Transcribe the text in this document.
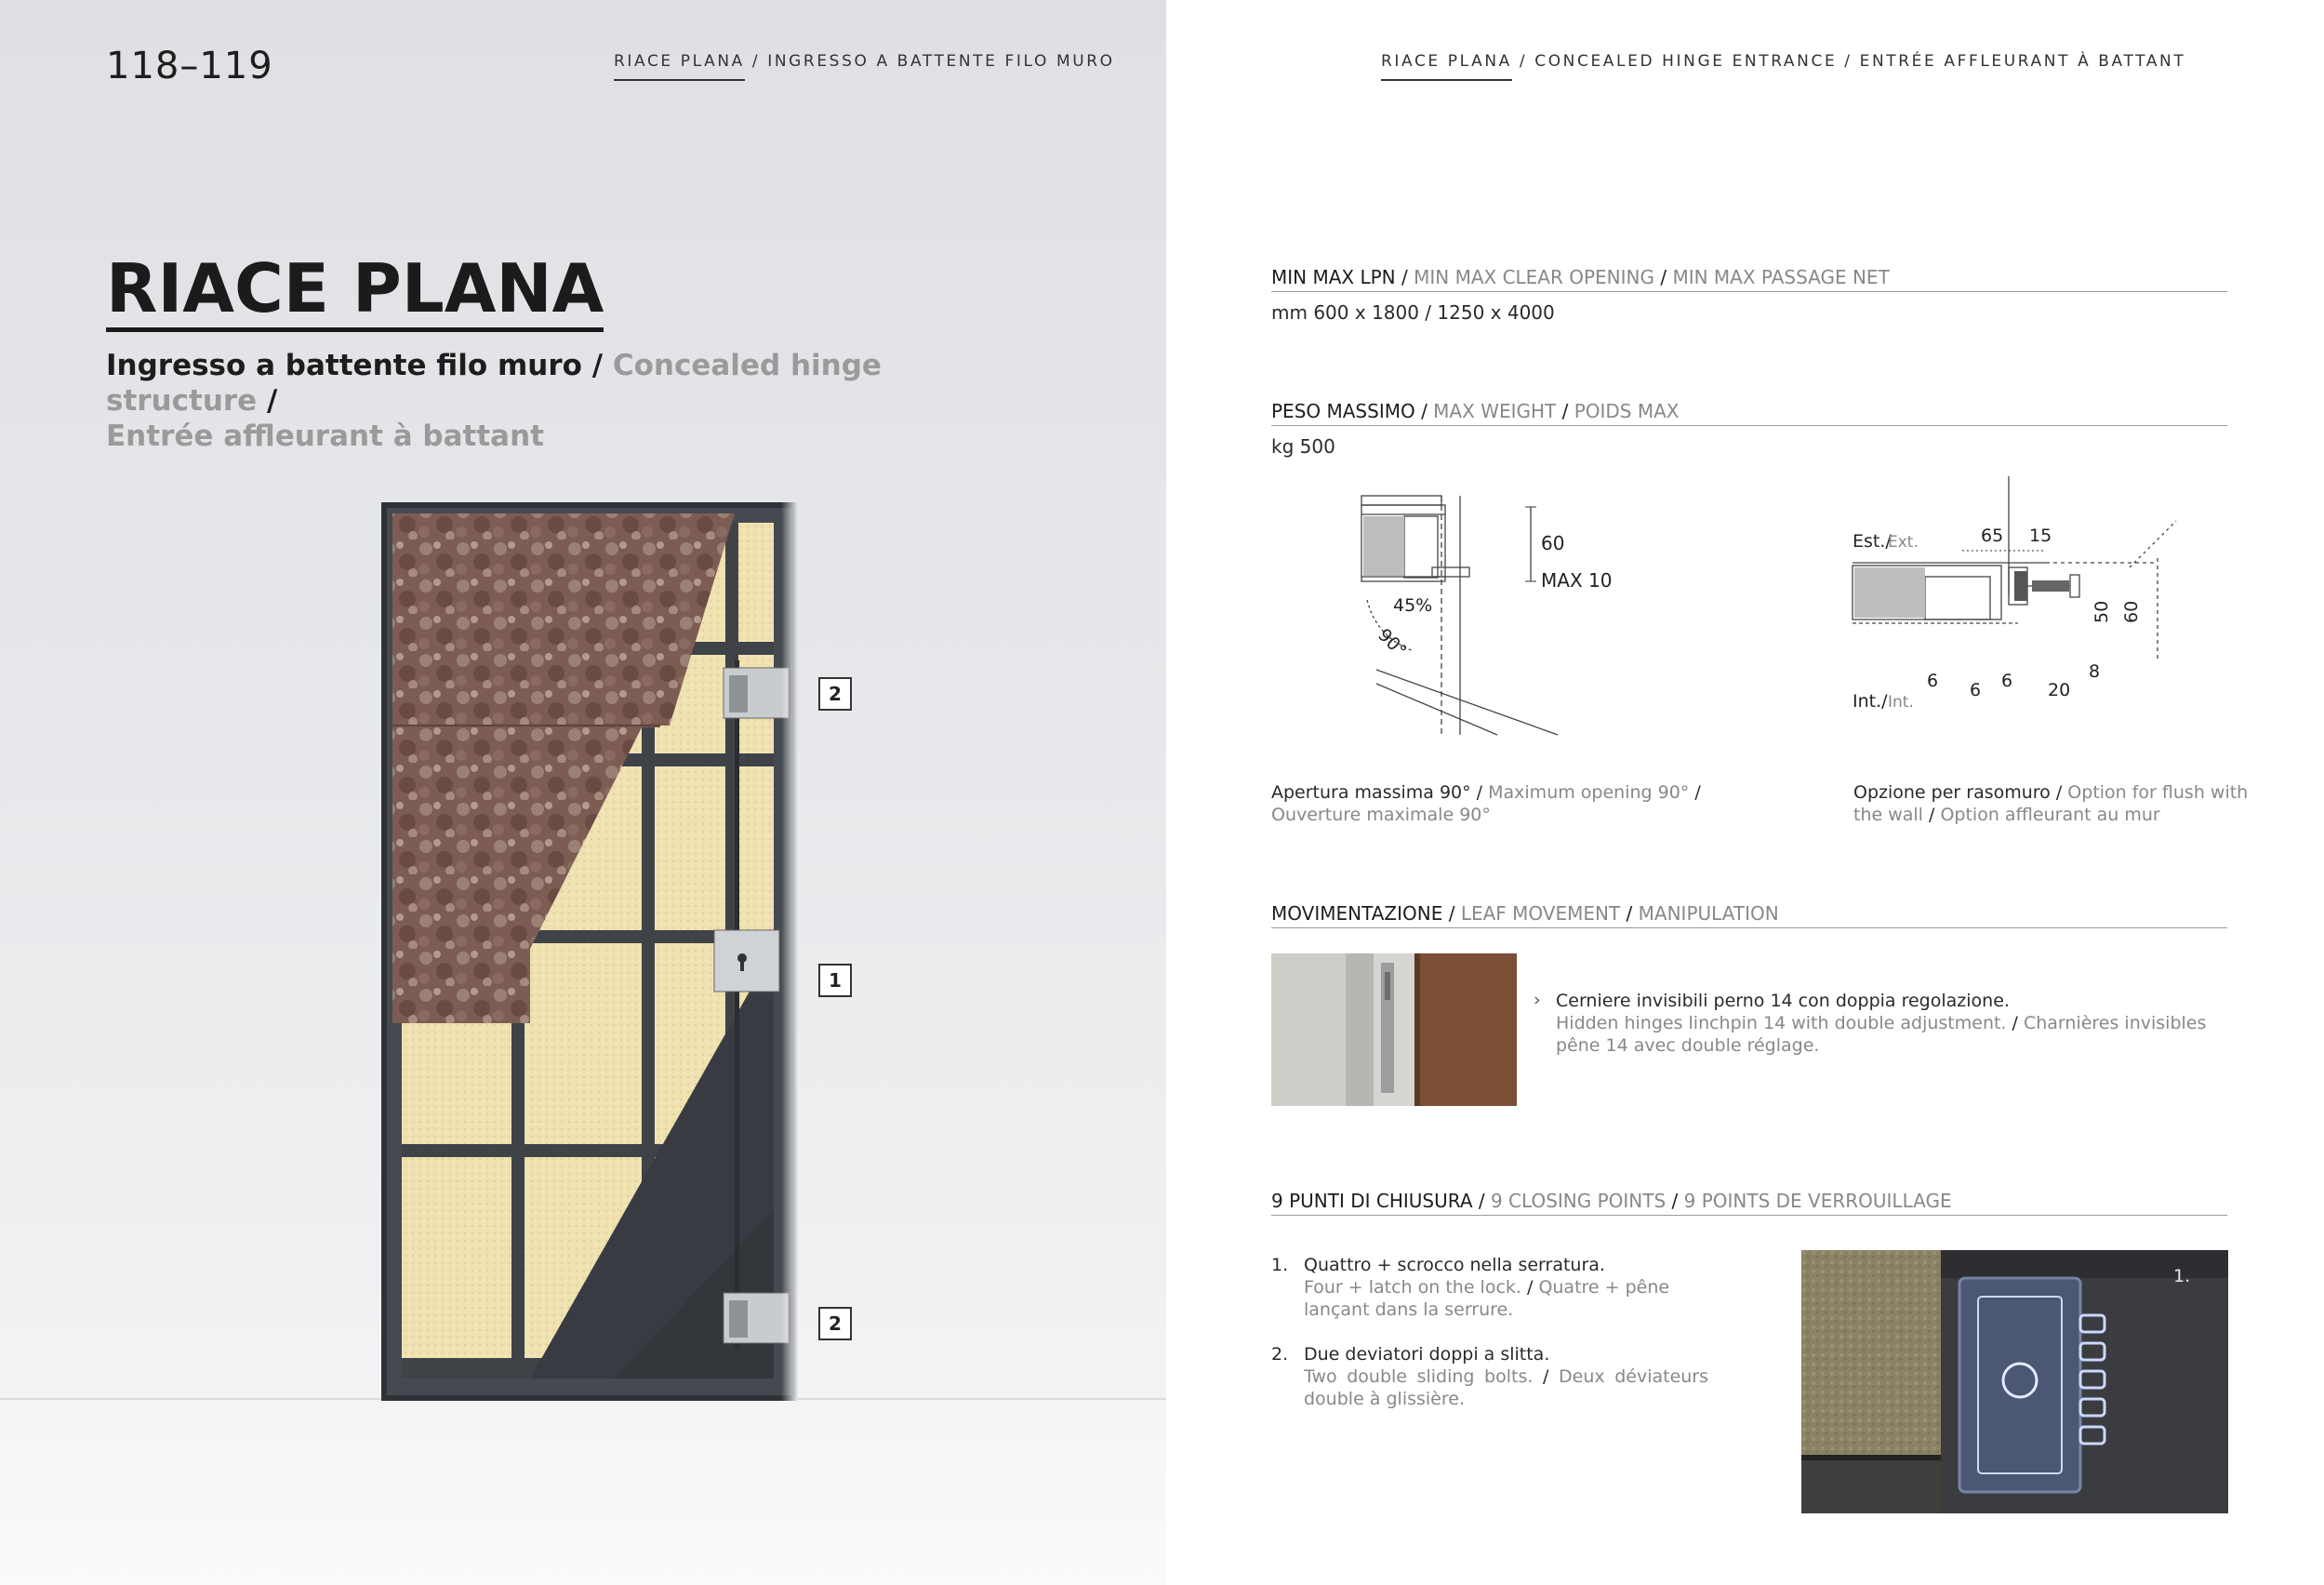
118–119	RIACE PLANA / INGRESSO A BATTENTE FILO MURO
RIACE PLANA
Ingresso a battente filo muro / Concealed hinge structure /
Entrée affleurant à battant
2
1
2
RIACE PLANA / CONCEALED HINGE ENTRANCE / ENTRÉE AFFLEURANT À BATTANT
MIN MAX LPN / MIN MAX CLEAR OPENING / MIN MAX PASSAGE NET
mm 600 x 1800 / 1250 x 4000
PESO MASSIMO / MAX WEIGHT / POIDS MAX
kg 500
60
MAX 10
45%
90°
Est./
Ext.
Int./ Int.
65 15
50 60
8
6 6 6 20
Apertura massima 90° / Maximum opening 90° /
Ouverture maximale 90°
Opzione per rasomuro / Option for flush with the wall / Option affleurant au mur
MOVIMENTAZIONE / LEAF MOVEMENT / MANIPULATION
› Cerniere invisibili perno 14 con doppia regolazione.
Hidden hinges linchpin 14 with double adjustment. / Charnières invisibles pêne 14 avec double réglage.
9 PUNTI DI CHIUSURA / 9 CLOSING POINTS / 9 POINTS DE VERROUILLAGE
1. Quattro + scrocco nella serratura.
Four + latch on the lock. / Quatre + pêne lançant dans la serrure.
2. Due deviatori doppi a slitta.
Two double sliding bolts. / Deux déviateurs double à glissière.
1.
